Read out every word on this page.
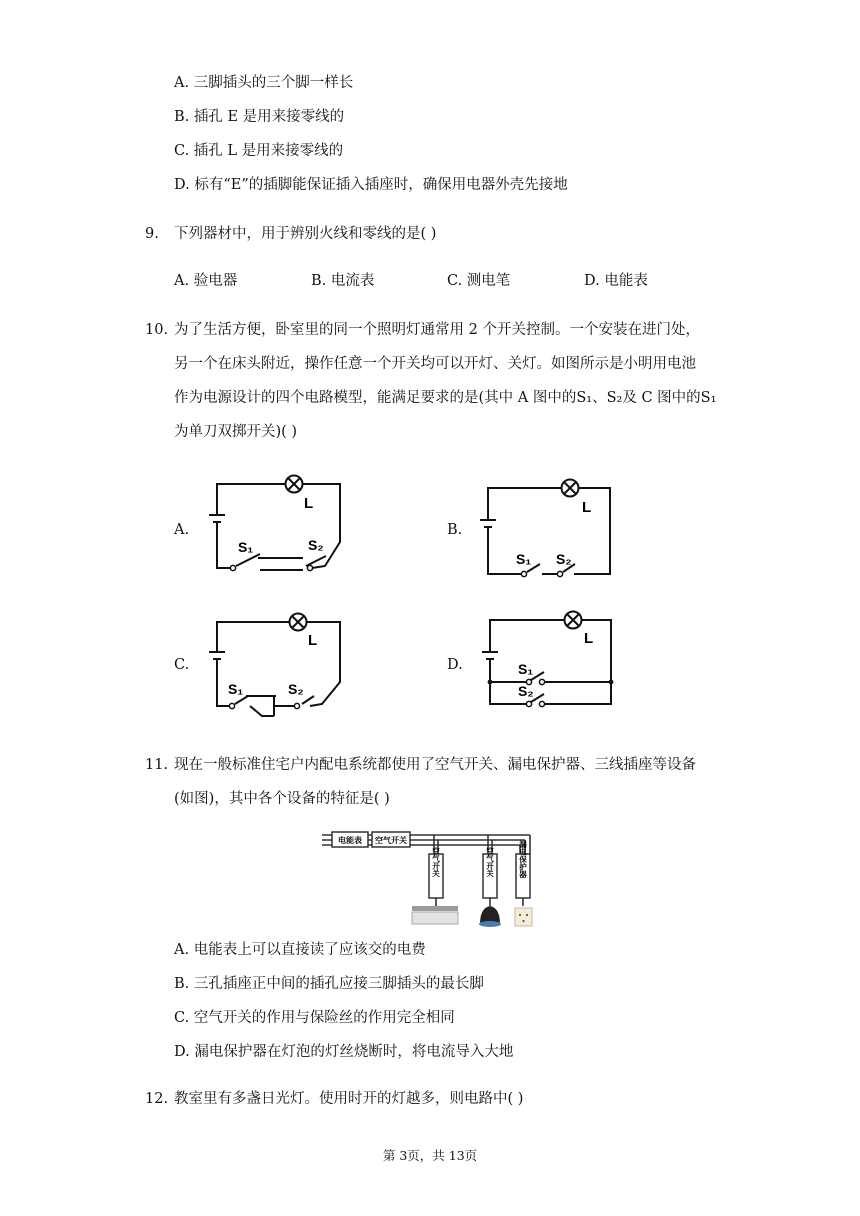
A. 三脚插头的三个脚一样长
B. 插孔 E 是用来接零线的
C. 插孔 L 是用来接零线的
D. 标有“E”的插脚能保证插入插座时，确保用电器外壳先接地
9. 下列器材中，用于辨别火线和零线的是( )
A. 验电器	B. 电流表	C. 测电笔	D. 电能表
10. 为了生活方便，卧室里的同一个照明灯通常用 2 个开关控制。一个安装在进门处，
另一个在床头附近，操作任意一个开关均可以开灯、关灯。如图所示是小明用电池
作为电源设计的四个电路模型，能满足要求的是(其中 A 图中的S₁、S₂及 C 图中的S₁
为单刀双掷开关)( )
A.	B.
C.	D.
L
S₁	S₂
L
S₁ S₂
L
S₁	S₂
L
S₁
S₂
11. 现在一般标准住宅户内配电系统都使用了空气开关、漏电保护器、三线插座等设备
(如图)，其中各个设备的特征是( )
电能表 空气开关
空气开关	空气开关	漏电保护器
A. 电能表上可以直接读了应该交的电费
B. 三孔插座正中间的插孔应接三脚插头的最长脚
C. 空气开关的作用与保险丝的作用完全相同
D. 漏电保护器在灯泡的灯丝烧断时，将电流导入大地
12. 教室里有多盏日光灯。使用时开的灯越多，则电路中( )
第 3页，共 13页
